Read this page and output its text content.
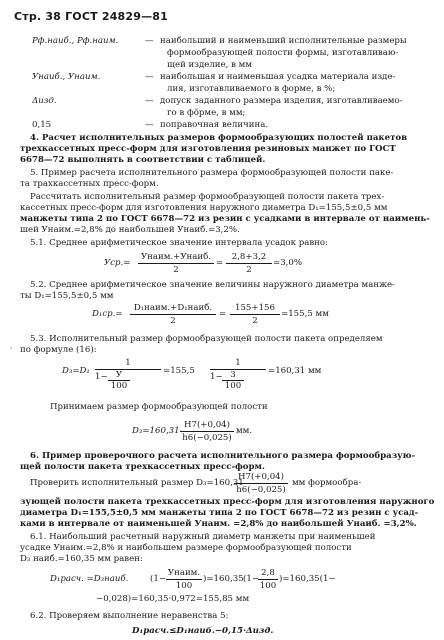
Стр. 38 ГОСТ 24829—81
Рф.наиб., Рф.наим.	— наибольший и наименьший исполнительные размеры
формообразующей полости формы, изготавливаю-
щей изделие, в мм
Унаиб., Унаим.	— наибольшая и наименьшая усадка материала изде-
лия, изготавливаемого в форме, в %;
Δизд.	— допуск заданного размера изделия, изготавливаемо-
го в фõрме, в мм;
0,15	— поправочная величина.
4. Расчет исполнительных размеров формообразующих полостей пакетов
трехкассетных пресс-форм для изготовления резиновых манжет по ГОСТ
6678—72 выполнять в соответствии с таблицей.
5. Пример расчета исполнительного размера формообразующей полости паке-
та трахкассетных пресс-форм.
Рассчитать исполнительный размер формообразующей полости пакета трех-
кассетных пресс-форм для изготовления наружного диаметра D₁=155,5±0,5 мм
манжеты типа 2 по ГОСТ 6678—72 из резин с усадками в интервале от наимень-
шей Унаим.=2,8% до наибольшей Унаиб.=3,2%.
5.1. Среднее арифметическое значение интервала усадок равно:
Уср.=
Унаим.+Унаиб.
2
=
2,8+3,2
2
=3,0%
5.2. Среднее арифметическое значение величины наружного диаметра манже-
ты D₁=155,5±0,5 мм
D₁ср.=
D₁наим.+D₁наиб.
2
=
155+156
2
=155,5 мм
5.3. Исполнительный размер формообразующей полости пакета определяем
по формуле (16):
˛
D₃=D₁
1
1− У
100
=155,5
1
1− 3
100
=160,31 мм
Принимаем размер формообразующей полости
D₃=160,31
Н7(+0,04)
h6(−0,025)
мм.
6. Пример проверочного расчета исполнительного размера формообразую-
щей полости пакета трехкассетных пресс-форм.
Проверить исполнительный размер D₃=160,31
Н7(+0,04)
h6(−0,025)
мм формообра-
зующей полости пакета трехкассетных пресс-форм для изготовления наружного
диаметра D₁=155,5±0,5 мм манжеты типа 2 по ГОСТ 6678—72 из резин с усад-
ками в интервале от наименьшей Унаим. =2,8% до наибольшей Унаиб. =3,2%.
6.1. Наибольший расчетный наружный диаметр манжеты при наименьшей
усадке Унаим.=2,8% и наибольшем размере формообразующей полости
D₃ наиб.=160,35 мм равен:
D₁расч. =D₃наиб.	(1−
Унаим.
100
)=160,35 (1−
2,8
100
)=160,35(1−
−0,028)=160,35·0,972=155,85 мм
6.2. Проверяем выполнение неравенства 5:
D₁расч.≤D₁наиб.−0,15·Δизд.
